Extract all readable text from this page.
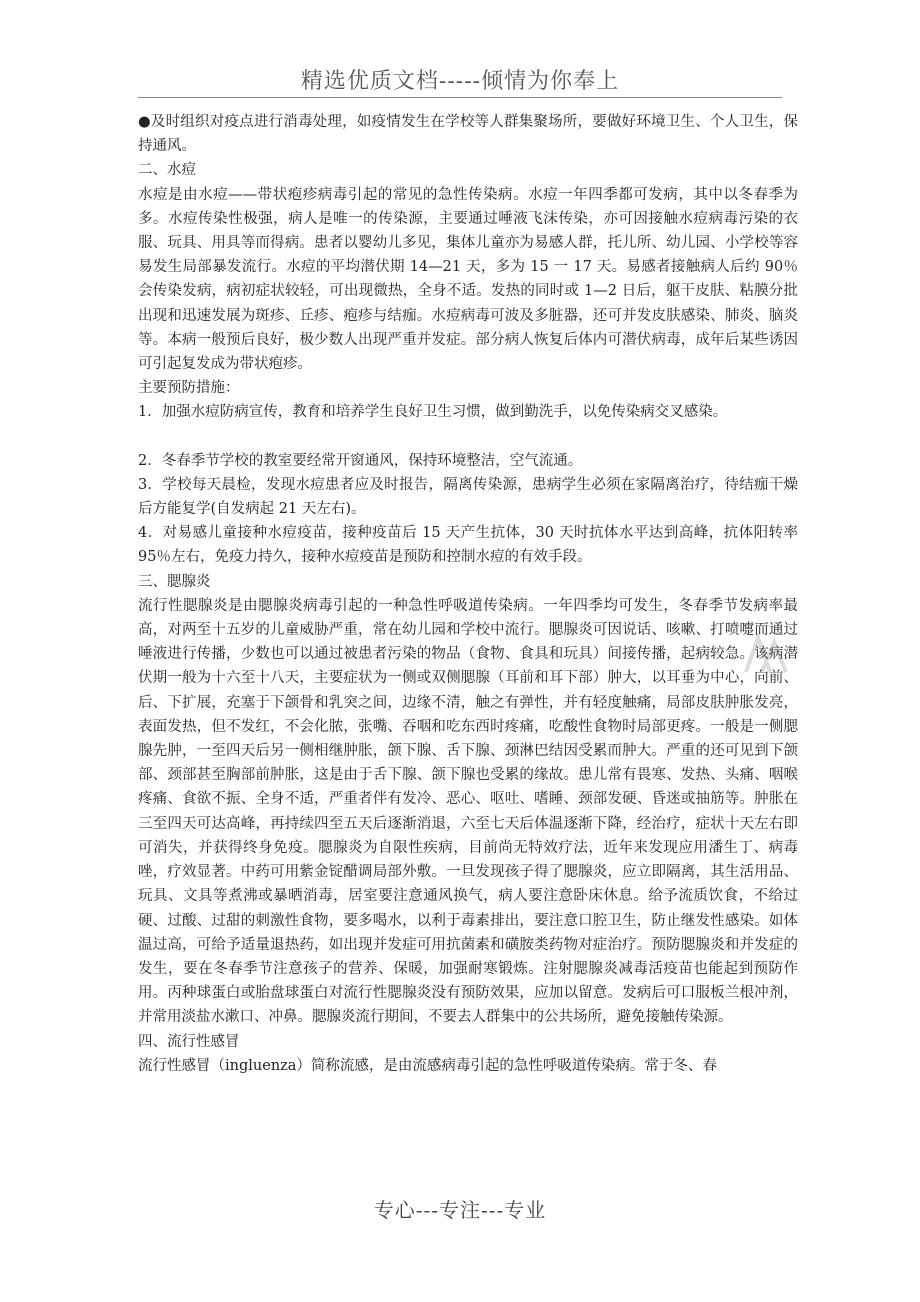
精选优质文档-----倾情为你奉上

●及时组织对疫点进行消毒处理，如疫情发生在学校等人群集聚场所，要做好环境卫生、个人卫生，保持通风。

二、水痘

水痘是由水痘——带状疱疹病毒引起的常见的急性传染病。水痘一年四季都可发病，其中以冬春季为多。水痘传染性极强，病人是唯一的传染源，主要通过唾液飞沫传染，亦可因接触水痘病毒污染的衣服、玩具、用具等而得病。患者以婴幼儿多见，集体儿童亦为易感人群，托儿所、幼儿园、小学校等容易发生局部暴发流行。水痘的平均潜伏期 14—21 天，多为 15 一 17 天。易感者接触病人后约 90％会传染发病，病初症状较轻，可出现微热，全身不适。发热的同时或 1—2 日后，躯干皮肤、粘膜分批出现和迅速发展为斑疹、丘疹、疱疹与结痂。水痘病毒可波及多脏器，还可并发皮肤感染、肺炎、脑炎等。本病一般预后良好，极少数人出现严重并发症。部分病人恢复后体内可潜伏病毒，成年后某些诱因可引起复发成为带状疱疹。

主要预防措施：

1．加强水痘防病宣传，教育和培养学生良好卫生习惯，做到勤洗手，以免传染病交叉感染。

2．冬春季节学校的教室要经常开窗通风，保持环境整洁，空气流通。

3．学校每天晨检，发现水痘患者应及时报告，隔离传染源，患病学生必须在家隔离治疗，待结痂干燥后方能复学(自发病起 21 天左右)。

4．对易感儿童接种水痘疫苗，接种疫苗后 15 天产生抗体，30 天时抗体水平达到高峰，抗体阳转率 95％左右，免疫力持久，接种水痘疫苗是预防和控制水痘的有效手段。

三、腮腺炎

流行性腮腺炎是由腮腺炎病毒引起的一种急性呼吸道传染病。一年四季均可发生，冬春季节发病率最高，对两至十五岁的儿童威胁严重，常在幼儿园和学校中流行。腮腺炎可因说话、咳嗽、打喷嚏而通过唾液进行传播，少数也可以通过被患者污染的物品（食物、食具和玩具）间接传播，起病较急。该病潜伏期一般为十六至十八天，主要症状为一侧或双侧腮腺（耳前和耳下部）肿大，以耳垂为中心，向前、后、下扩展，充塞于下颌骨和乳突之间，边缘不清，触之有弹性，并有轻度触痛，局部皮肤肿胀发亮，表面发热，但不发红，不会化脓，张嘴、吞咽和吃东西时疼痛，吃酸性食物时局部更疼。一般是一侧腮腺先肿，一至四天后另一侧相继肿胀，颌下腺、舌下腺、颈淋巴结因受累而肿大。严重的还可见到下颌部、颈部甚至胸部前肿胀，这是由于舌下腺、颌下腺也受累的缘故。患儿常有畏寒、发热、头痛、咽喉疼痛、食欲不振、全身不适，严重者伴有发冷、恶心、呕吐、嗜睡、颈部发硬、昏迷或抽筋等。肿胀在三至四天可达高峰，再持续四至五天后逐渐消退，六至七天后体温逐渐下降，经治疗，症状十天左右即可消失，并获得终身免疫。腮腺炎为自限性疾病，目前尚无特效疗法，近年来发现应用潘生丁、病毒唑，疗效显著。中药可用紫金锭醋调局部外敷。一旦发现孩子得了腮腺炎，应立即隔离，其生活用品、玩具、文具等煮沸或暴晒消毒，居室要注意通风换气，病人要注意卧床休息。给予流质饮食，不给过硬、过酸、过甜的刺激性食物，要多喝水，以利于毒素排出，要注意口腔卫生，防止继发性感染。如体温过高，可给予适量退热药，如出现并发症可用抗菌素和磺胺类药物对症治疗。预防腮腺炎和并发症的发生，要在冬春季节注意孩子的营养、保暖，加强耐寒锻炼。注射腮腺炎减毒活疫苗也能起到预防作用。丙种球蛋白或胎盘球蛋白对流行性腮腺炎没有预防效果，应加以留意。发病后可口服板兰根冲剂，并常用淡盐水漱口、冲鼻。腮腺炎流行期间，不要去人群集中的公共场所，避免接触传染源。

四、流行性感冒

流行性感冒（ingluenza）简称流感，是由流感病毒引起的急性呼吸道传染病。常于冬、春

专心---专注---专业
